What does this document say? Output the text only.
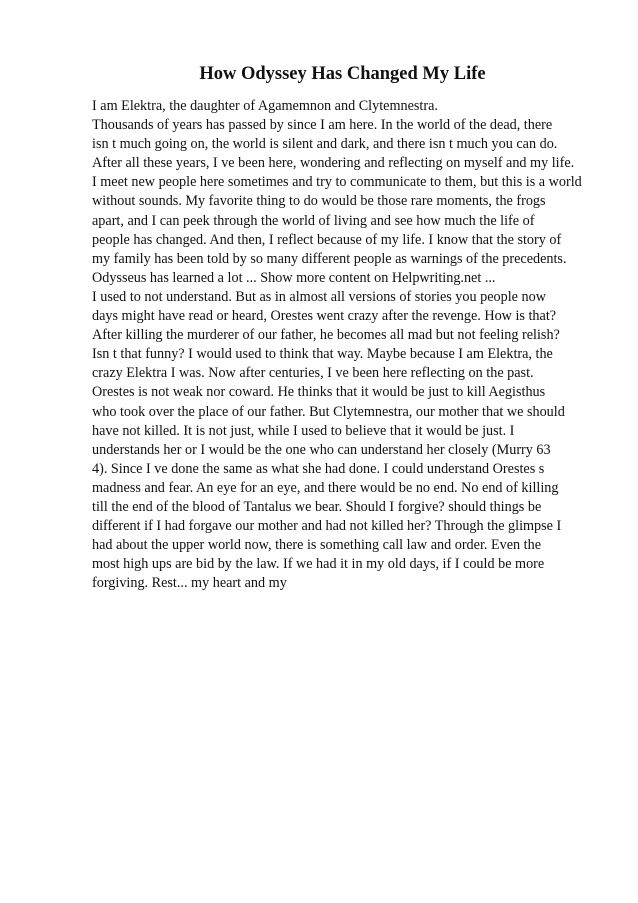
How Odyssey Has Changed My Life
I am Elektra, the daughter of Agamemnon and Clytemnestra.
Thousands of years has passed by since I am here. In the world of the dead, there
isn t much going on, the world is silent and dark, and there isn t much you can do.
After all these years, I ve been here, wondering and reflecting on myself and my life.
I meet new people here sometimes and try to communicate to them, but this is a world
without sounds. My favorite thing to do would be those rare moments, the frogs
apart, and I can peek through the world of living and see how much the life of
people has changed. And then, I reflect because of my life. I know that the story of
my family has been told by so many different people as warnings of the precedents.
Odysseus has learned a lot ... Show more content on Helpwriting.net ...
I used to not understand. But as in almost all versions of stories you people now
days might have read or heard, Orestes went crazy after the revenge. How is that?
After killing the murderer of our father, he becomes all mad but not feeling relish?
Isn t that funny? I would used to think that way. Maybe because I am Elektra, the
crazy Elektra I was. Now after centuries, I ve been here reflecting on the past.
Orestes is not weak nor coward. He thinks that it would be just to kill Aegisthus
who took over the place of our father. But Clytemnestra, our mother that we should
have not killed. It is not just, while I used to believe that it would be just. I
understands her or I would be the one who can understand her closely (Murry 63
4). Since I ve done the same as what she had done. I could understand Orestes s
madness and fear. An eye for an eye, and there would be no end. No end of killing
till the end of the blood of Tantalus we bear. Should I forgive? should things be
different if I had forgave our mother and had not killed her? Through the glimpse I
had about the upper world now, there is something call law and order. Even the
most high ups are bid by the law. If we had it in my old days, if I could be more
forgiving. Rest... my heart and my
